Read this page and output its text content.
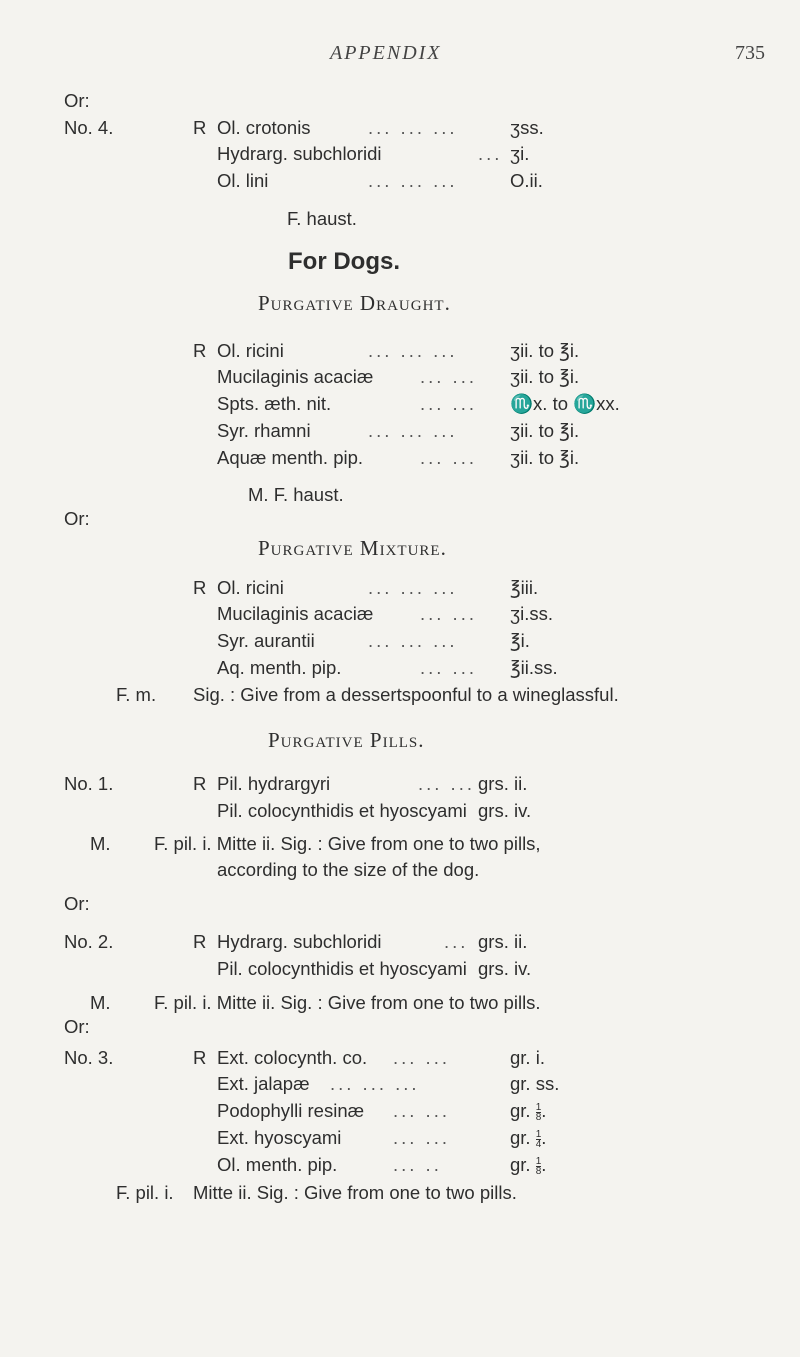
APPENDIX	735
Or:
No. 4.	R Ol. crotonis	... ... ...	ʒss.
Hydrarg. subchloridi	... ʒi.
Ol. lini	... ... ...	O.ii.
F. haust.
For Dogs.
Purgative Draught.
R Ol. ricini	... ... ...	ʒii. to ℥i.
Mucilaginis acaciæ	... ... ʒii. to ℥i.
Spts. æth. nit.	... ... ♏x. to ♏xx.
Syr. rhamni	... ... ...	ʒii. to ℥i.
Aquæ menth. pip.	... ... ʒii. to ℥i.
M. F. haust.
Or:
Purgative Mixture.
R Ol. ricini	... ... ...	℥iii.
Mucilaginis acaciæ	... ... ʒi.ss.
Syr. aurantii	... ... ...	℥i.
Aq. menth. pip.	... ... ℥ii.ss.
F. m. Sig. : Give from a dessertspoonful to a wineglassful.
Purgative Pills.
No. 1.	R Pil. hydrargyri	... ... grs. ii.
Pil. colocynthidis et hyoscyami grs. iv.
M. F. pil. i. Mitte ii. Sig. : Give from one to two pills,
according to the size of the dog.
Or:
No. 2.	R Hydrarg. subchloridi	... grs. ii.
Pil. colocynthidis et hyoscyami grs. iv.
M. F. pil. i. Mitte ii. Sig. : Give from one to two pills.
Or:
No. 3.	R Ext. colocynth. co. ... ...	gr. i.
Ext. jalapæ ... ... ...	gr. ss.
Podophylli resinæ ... ...	gr. $\frac{1}{8}$ .
Ext. hyoscyami	... ...	gr. $\frac{1}{4}$ .
Ol. menth. pip.	... ..	gr. $\frac{1}{8}$ .
F. pil. i. Mitte ii. Sig. : Give from one to two pills.
